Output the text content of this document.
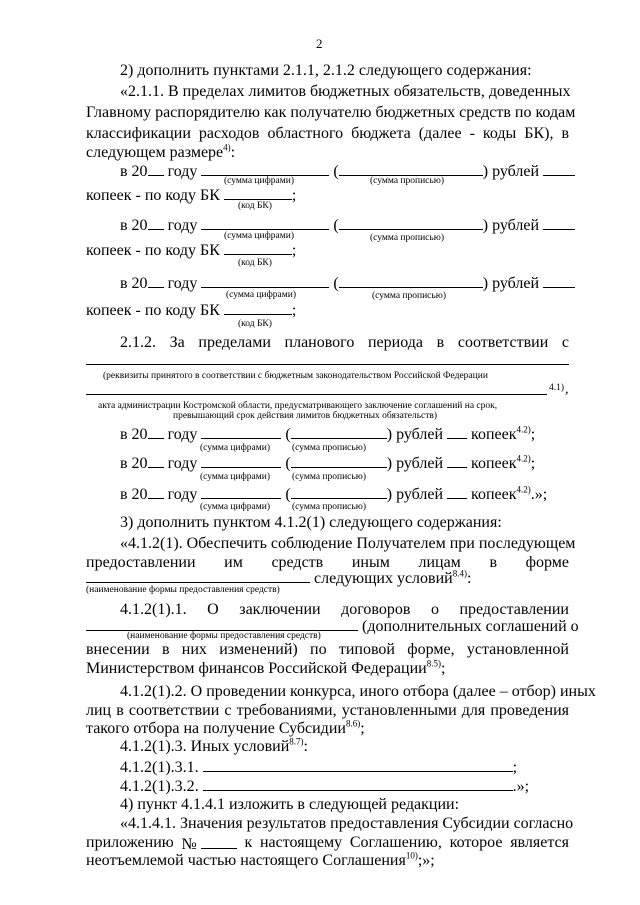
2
2) дополнить пунктами 2.1.1, 2.1.2 следующего содержания:
«2.1.1. В пределах лимитов бюджетных обязательств, доведенных
Главному распорядителю как получателю бюджетных средств по кодам
классификации расходов областного бюджета (далее - коды БК), в
следующем размере$^{4)}$:
в 20 году	(	) рублей
(сумма цифрами)	(сумма прописью)
копеек - по коду БК	;
(код БК)
в 20 году	(	) рублей
(сумма цифрами)	(сумма прописью)
копеек - по коду БК	;
(код БК)
в 20 году	(	) рублей
(сумма цифрами)	(сумма прописью)
копеек - по коду БК	;
(код БК)
2.1.2. За пределами планового периода в соответствии с
(реквизиты принятого в соответствии с бюджетным законодательством Российской Федерации
4.1) ,
акта администрации Костромской области, предусматривающего заключение соглашений на срок,
превышающий срок действия лимитов бюджетных обязательств)
в 20 году	(	) рублей копеек$^{4.2)}$;
(сумма цифрами) (сумма прописью)
в 20 году	(	) рублей копеек$^{4.2)}$;
(сумма цифрами) (сумма прописью)
в 20 году	(	) рублей копеек$^{4.2)}$.»;
(сумма цифрами) (сумма прописью)
3) дополнить пунктом 4.1.2(1) следующего содержания:
«4.1.2(1). Обеспечить соблюдение Получателем при последующем
предоставлении им средств иным лицам в форме
следующих условий$^{8.4)}$:
(наименование формы предоставления средств)
4.1.2(1).1. О заключении договоров о предоставлении
(дополнительных соглашений о
(наименование формы предоставления средств)
внесении в них изменений) по типовой форме, установленной
Министерством финансов Российской Федерации$^{8.5)}$;
4.1.2(1).2. О проведении конкурса, иного отбора (далее – отбор) иных
лиц в соответствии с требованиями, установленными для проведения
такого отбора на получение Субсидии$^{8.6)}$;
4.1.2(1).3. Иных условий$^{8.7)}$:
4.1.2(1).3.1.	;
4.1.2(1).3.2.	.»;
4) пункт 4.1.4.1 изложить в следующей редакции:
«4.1.4.1. Значения результатов предоставления Субсидии согласно
приложению №	к настоящему Соглашению, которое является
неотъемлемой частью настоящего Соглашения$^{10)}$;»;
